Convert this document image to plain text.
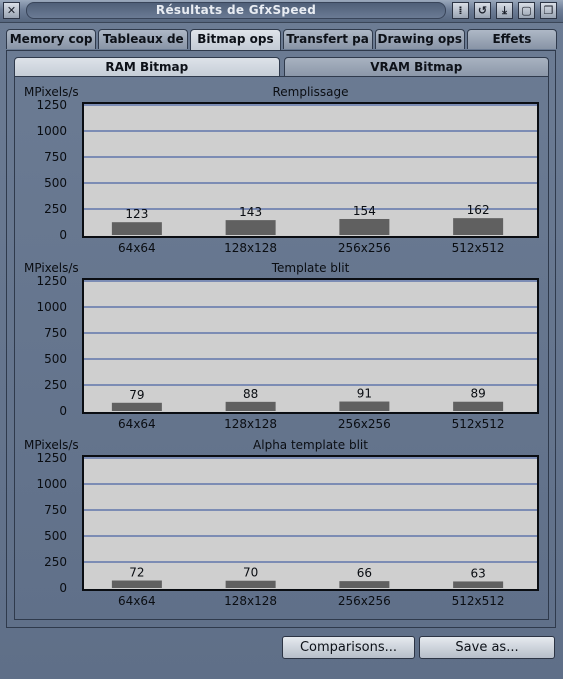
✕	Résultats de GfxSpeed	⁞	↺	⤓	▢	❐
Memory cop Tableaux de	Bitmap ops	Transfert pa Drawing ops	Effets
RAM Bitmap	VRAM Bitmap
MPixels/s	Remplissage
0
250
500
750
1000
1250
123
64x64
143
128x128
154
256x256
162
512x512
MPixels/s	Template blit
0
250
500
750
1000
1250
79
64x64
88
128x128
91
256x256
89
512x512
MPixels/s	Alpha template blit
0
250
500
750
1000
1250
72
64x64
70
128x128
66
256x256
63
512x512
Comparisons...	Save as...
